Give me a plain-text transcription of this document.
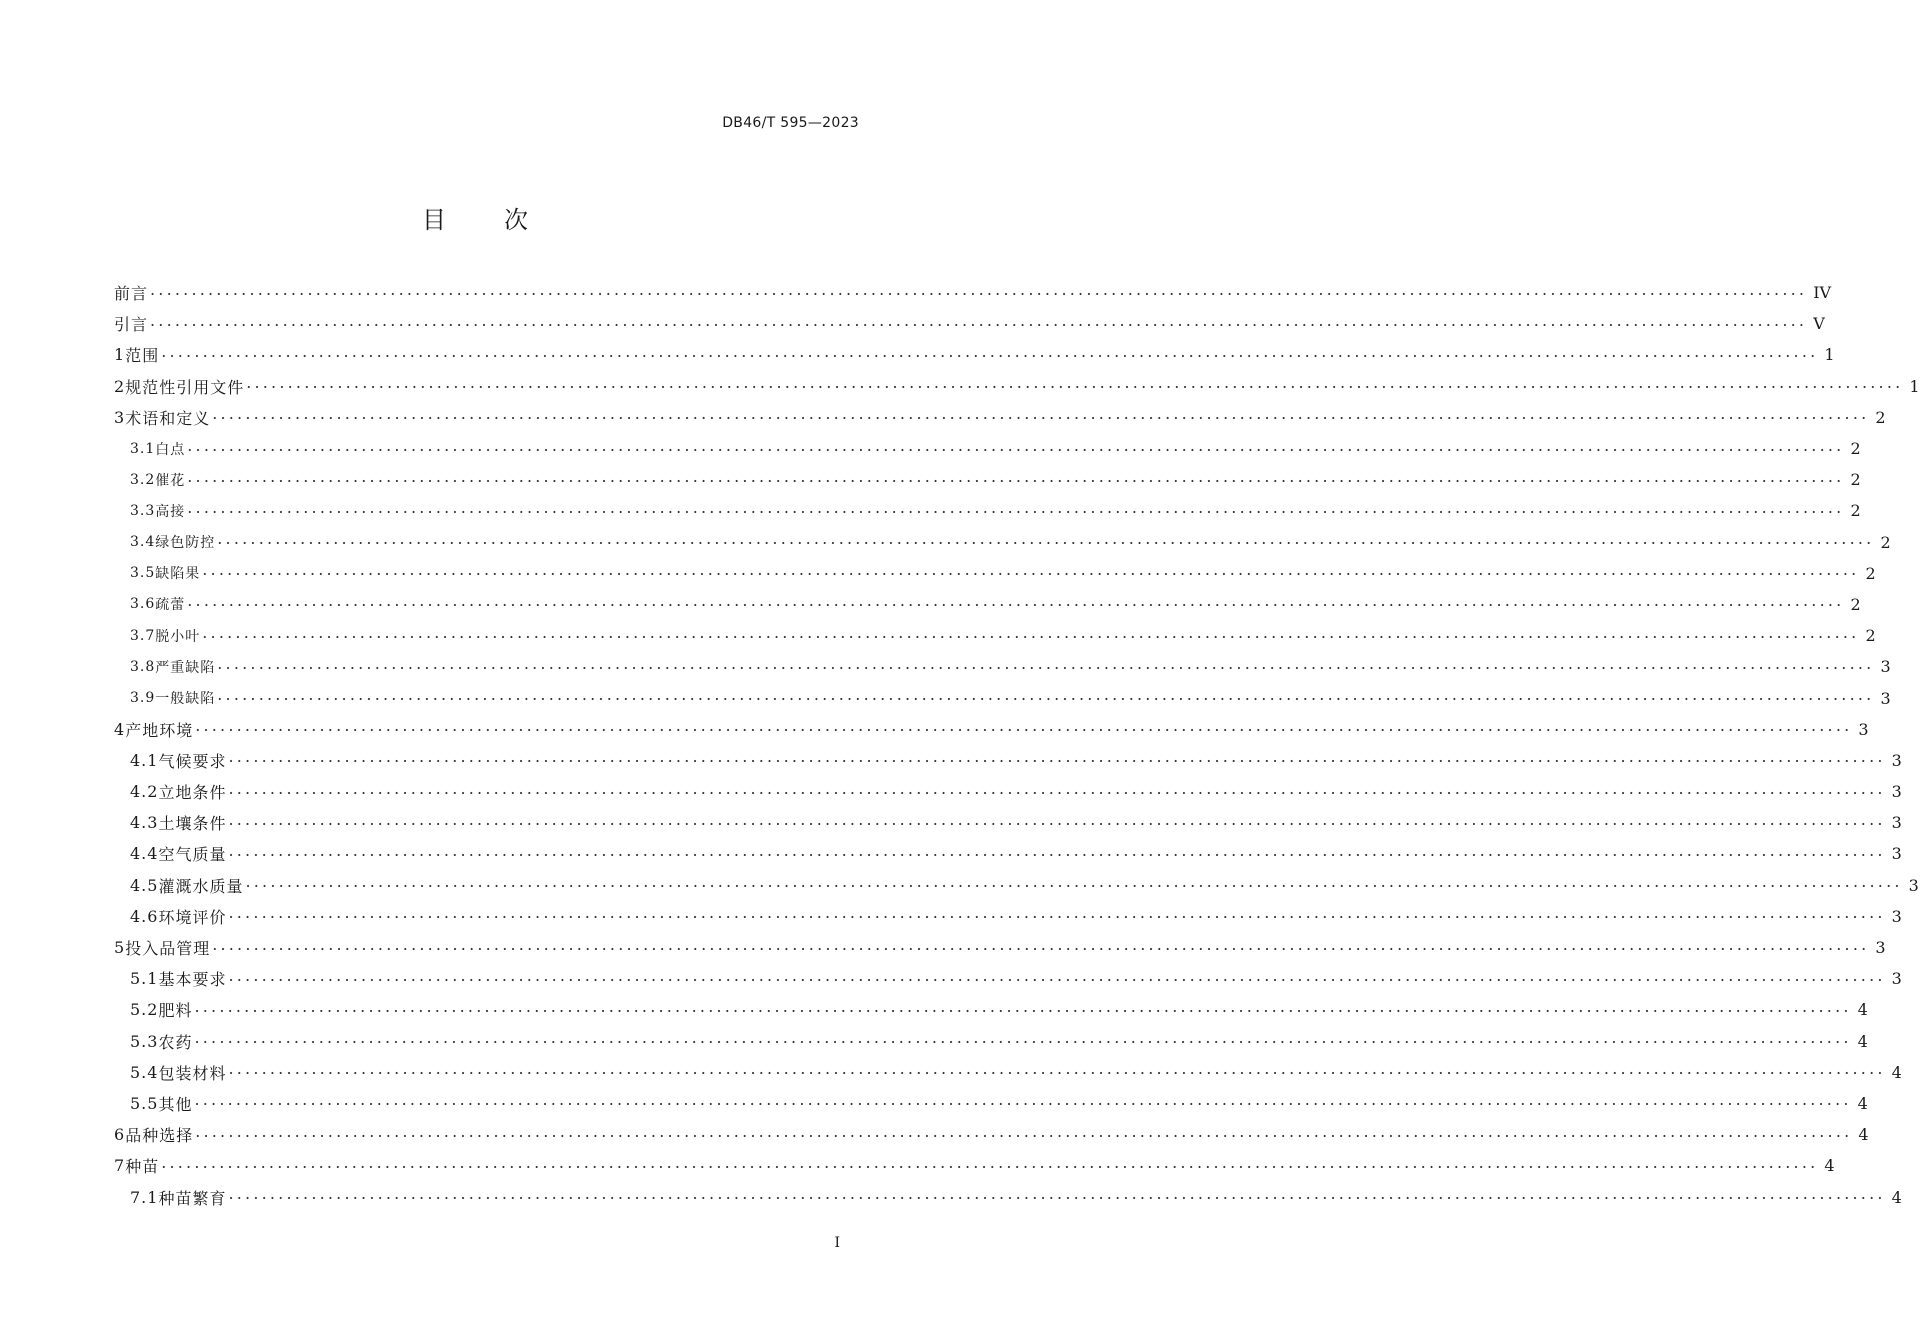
DB46/T 595—2023
目次
前言 ........................................................................................................................................................................................................ IV
引言 ........................................................................................................................................................................................................ V
1 范围 ........................................................................................................................................................................................................ 1
2 规范性引用文件 ........................................................................................................................................................................................................ 1
3 术语和定义 ........................................................................................................................................................................................................ 2
3.1 白点 ........................................................................................................................................................................................................ 2
3.2 催花 ........................................................................................................................................................................................................ 2
3.3 高接 ........................................................................................................................................................................................................ 2
3.4 绿色防控 ........................................................................................................................................................................................................ 2
3.5 缺陷果 ........................................................................................................................................................................................................ 2
3.6 疏蕾 ........................................................................................................................................................................................................ 2
3.7 脱小叶 ........................................................................................................................................................................................................ 2
3.8 严重缺陷 ........................................................................................................................................................................................................ 3
3.9 一般缺陷 ........................................................................................................................................................................................................ 3
4 产地环境 ........................................................................................................................................................................................................ 3
4.1 气候要求 ........................................................................................................................................................................................................ 3
4.2 立地条件 ........................................................................................................................................................................................................ 3
4.3 土壤条件 ........................................................................................................................................................................................................ 3
4.4 空气质量 ........................................................................................................................................................................................................ 3
4.5 灌溉水质量 ........................................................................................................................................................................................................ 3
4.6 环境评价 ........................................................................................................................................................................................................ 3
5 投入品管理 ........................................................................................................................................................................................................ 3
5.1 基本要求 ........................................................................................................................................................................................................ 3
5.2 肥料 ........................................................................................................................................................................................................ 4
5.3 农药 ........................................................................................................................................................................................................ 4
5.4 包装材料 ........................................................................................................................................................................................................ 4
5.5 其他 ........................................................................................................................................................................................................ 4
6 品种选择 ........................................................................................................................................................................................................ 4
7 种苗 ........................................................................................................................................................................................................ 4
7.1 种苗繁育 ........................................................................................................................................................................................................ 4
I
